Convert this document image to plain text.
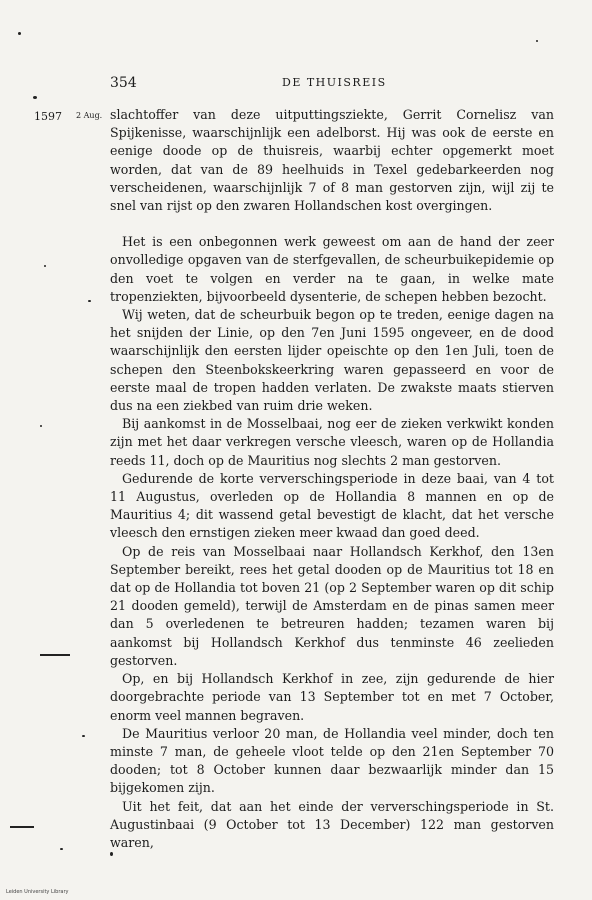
354	DE THUISREIS
1597 2 Aug. slachtoffer van deze uitputtingsziekte, Gerrit Cornelisz van Spijkenisse, waarschijnlijk een adelborst. Hij was ook de eerste en eenige doode op de thuisreis, waarbij echter opgemerkt moet worden, dat van de 89 heelhuids in Texel gedebarkeerden nog verscheidenen, waarschijnlijk 7 of 8 man gestorven zijn, wijl zij te snel van rijst op den zwaren Hollandschen kost overgingen.

Het is een onbegonnen werk geweest om aan de hand der zeer onvolledige opgaven van de sterfgevallen, de scheurbuikepidemie op den voet te volgen en verder na te gaan, in welke mate tropenziekten, bijvoorbeeld dysenterie, de schepen hebben bezocht.

Wij weten, dat de scheurbuik begon op te treden, eenige dagen na het snijden der Linie, op den 7en Juni 1595 ongeveer, en de dood waarschijnlijk den eersten lijder opeischte op den 1en Juli, toen de schepen den Steenbokskeerkring waren gepasseerd en voor de eerste maal de tropen hadden verlaten. De zwakste maats stierven dus na een ziekbed van ruim drie weken.

Bij aankomst in de Mosselbaai, nog eer de zieken verkwikt konden zijn met het daar verkregen versche vleesch, waren op de Hollandia reeds 11, doch op de Mauritius nog slechts 2 man gestorven.

Gedurende de korte ververschingsperiode in deze baai, van 4 tot 11 Augustus, overleden op de Hollandia 8 mannen en op de Mauritius 4; dit wassend getal bevestigt de klacht, dat het versche vleesch den ernstigen zieken meer kwaad dan goed deed.

Op de reis van Mosselbaai naar Hollandsch Kerkhof, den 13en September bereikt, rees het getal dooden op de Mauritius tot 18 en dat op de Hollandia tot boven 21 (op 2 September waren op dit schip 21 dooden gemeld), terwijl de Amsterdam en de pinas samen meer dan 5 overledenen te betreuren hadden; tezamen waren bij aankomst bij Hollandsch Kerkhof dus tenminste 46 zeelieden gestorven.

Op, en bij Hollandsch Kerkhof in zee, zijn gedurende de hier doorgebrachte periode van 13 September tot en met 7 October, enorm veel mannen begraven.

De Mauritius verloor 20 man, de Hollandia veel minder, doch ten minste 7 man, de geheele vloot telde op den 21en September 70 dooden; tot 8 October kunnen daar bezwaarlijk minder dan 15 bijgekomen zijn.

Uit het feit, dat aan het einde der ververschingsperiode in St. Augustinbaai (9 October tot 13 December) 122 man gestorven waren,

Leiden University Library
